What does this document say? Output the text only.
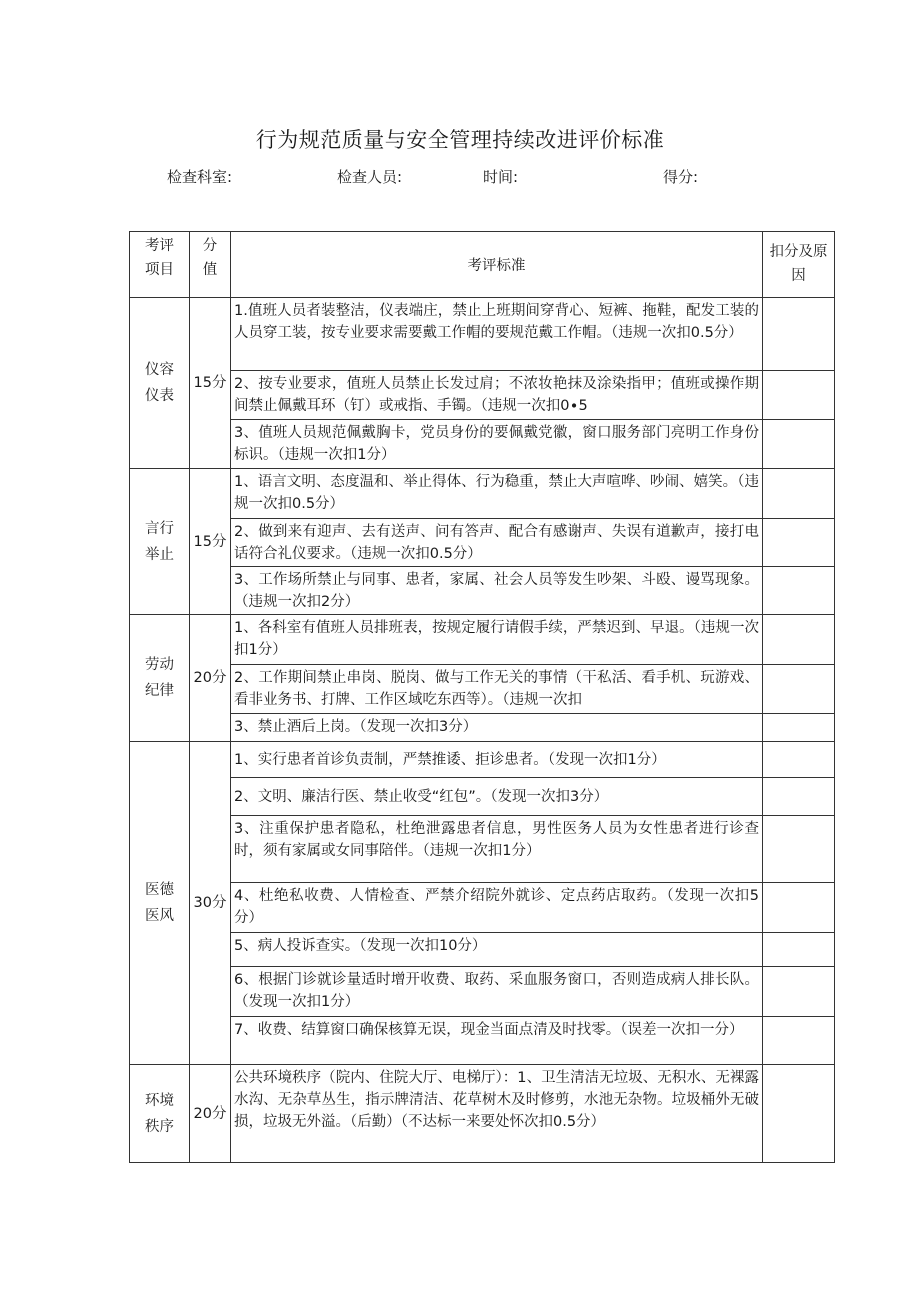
行为规范质量与安全管理持续改进评价标准
检查科室:	检查人员:	时间:	得分:
考评项目	分值	考评标准	扣分及原因

仪容仪表	15分	1.值班人员者装整洁，仪表端庄，禁止上班期间穿背心、短裤、拖鞋，配发工装的人员穿工装，按专业要求需要戴工作帽的要规范戴工作帽。（违规一次扣0.5分）	

		2、按专业要求，值班人员禁止长发过肩；不浓妆艳抹及涂染指甲；值班或操作期间禁止佩戴耳环（钉）或戒指、手镯。（违规一次扣0∙5	

		3、值班人员规范佩戴胸卡，党员身份的要佩戴党徽，窗口服务部门亮明工作身份标识。（违规一次扣1分）	
言行举止	15分	1、语言文明、态度温和、举止得体、行为稳重，禁止大声喧哗、吵闹、嬉笑。（违规一次扣0.5分）	
		2、做到来有迎声、去有送声、问有答声、配合有感谢声、失误有道歉声，接打电话符合礼仪要求。（违规一次扣0.5分）	
		3、工作场所禁止与同事、患者，家属、社会人员等发生吵架、斗殴、谩骂现象。（违规一次扣2分）	
劳动纪律	20分	1、各科室有值班人员排班表，按规定履行请假手续，严禁迟到、早退。（违规一次扣1分）	

		2、工作期间禁止串岗、脱岗、做与工作无关的事情（干私活、看手机、玩游戏、看非业务书、打牌、工作区域吃东西等）。（违规一次扣	

		3、禁止酒后上岗。（发现一次扣3分）	
医德医风	30分	1、实行患者首诊负责制，严禁推诿、拒诊患者。（发现一次扣1分）	
		2、文明、廉洁行医、禁止收受“红包”。（发现一次扣3分）	
		3、注重保护患者隐私，杜绝泄露患者信息，男性医务人员为女性患者进行诊查时，须有家属或女同事陪伴。（违规一次扣1分）	
		4、杜绝私收费、人情检查、严禁介绍院外就诊、定点药店取药。（发现一次扣5分）	
		5、病人投诉查实。（发现一次扣10分）	
		6、根据门诊就诊量适时增开收费、取药、采血服务窗口，否则造成病人排长队。（发现一次扣1分）	
		7、收费、结算窗口确保核算无误，现金当面点清及时找零。（误差一次扣一分）	
环境秩序	20分	公共环境秩序（院内、住院大厅、电梯厅）：1、卫生清洁无垃圾、无积水、无裸露水沟、无杂草丛生，指示牌清洁、花草树木及时修剪，水池无杂物。垃圾桶外无破损，垃圾无外溢。（后勤）（不达标一来要处怀次扣0.5分）	
